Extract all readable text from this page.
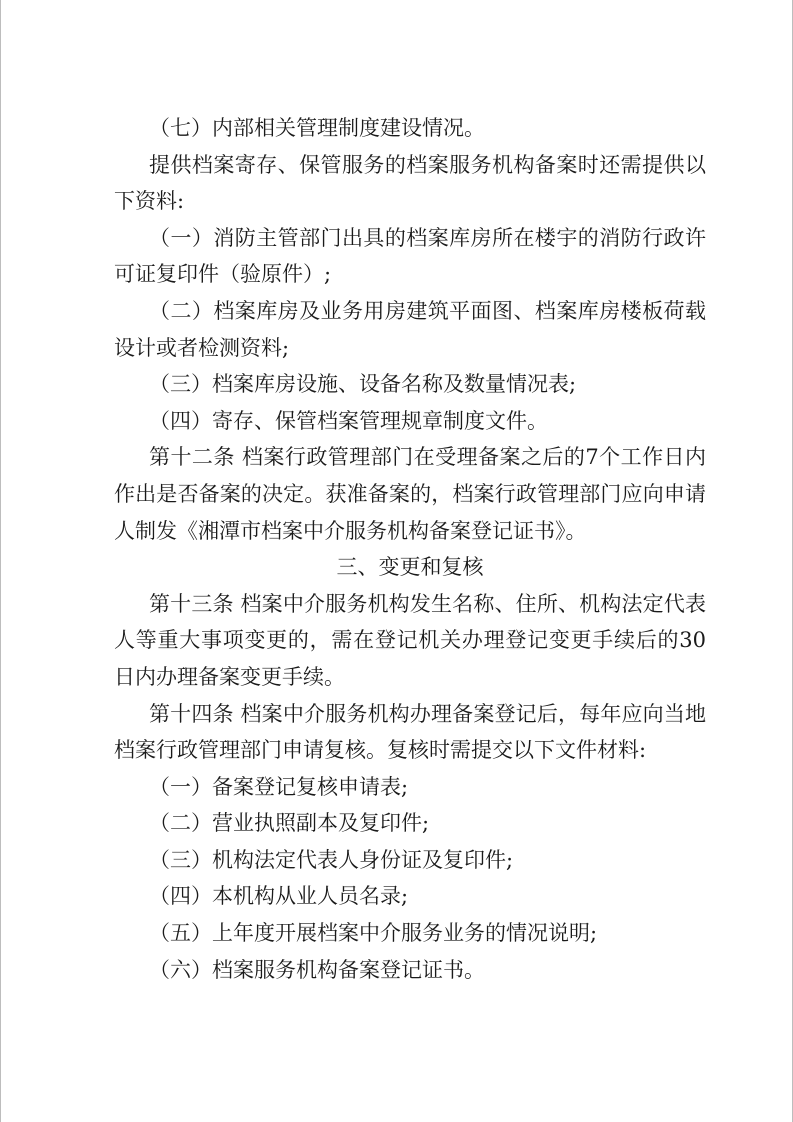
（七）内部相关管理制度建设情况。

提供档案寄存、保管服务的档案服务机构备案时还需提供以下资料:

（一）消防主管部门出具的档案库房所在楼宇的消防行政许可证复印件（验原件）;

（二）档案库房及业务用房建筑平面图、档案库房楼板荷载设计或者检测资料;

（三）档案库房设施、设备名称及数量情况表;

（四）寄存、保管档案管理规章制度文件。

第十二条 档案行政管理部门在受理备案之后的7个工作日内作出是否备案的决定。获准备案的，档案行政管理部门应向申请人制发《湘潭市档案中介服务机构备案登记证书》。

三、变更和复核

第十三条 档案中介服务机构发生名称、住所、机构法定代表人等重大事项变更的，需在登记机关办理登记变更手续后的30日内办理备案变更手续。

第十四条 档案中介服务机构办理备案登记后，每年应向当地档案行政管理部门申请复核。复核时需提交以下文件材料:

（一）备案登记复核申请表;

（二）营业执照副本及复印件;

（三）机构法定代表人身份证及复印件;

（四）本机构从业人员名录;

（五）上年度开展档案中介服务业务的情况说明;

（六）档案服务机构备案登记证书。
